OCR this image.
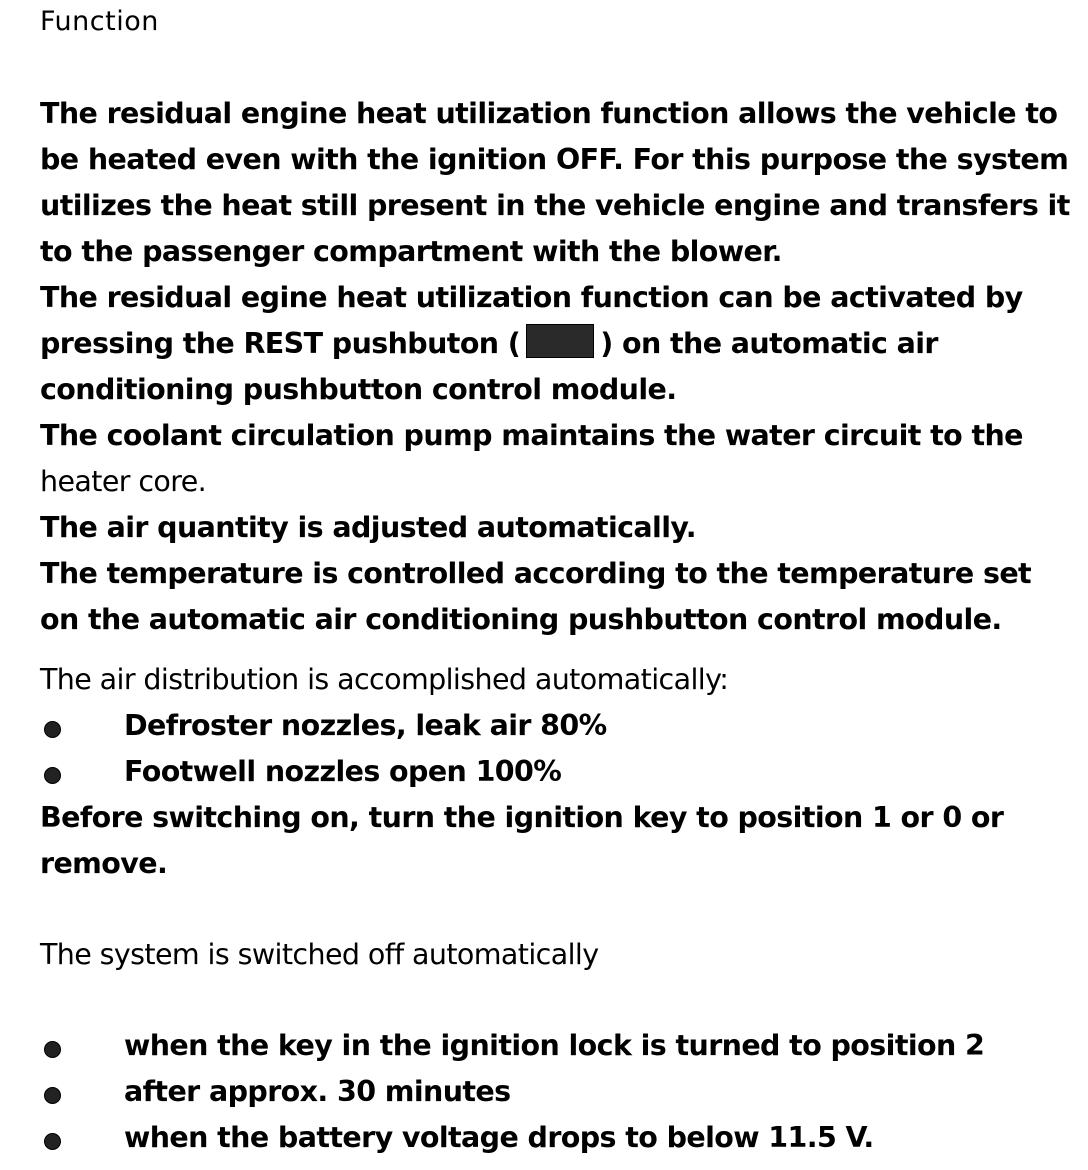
Function
The residual engine heat utilization function allows the vehicle to
be heated even with the ignition OFF. For this purpose the system
utilizes the heat still present in the vehicle engine and transfers it
to the passenger compartment with the blower.
The residual egine heat utilization function can be activated by
pressing the REST pushbuton (	) on the automatic air
conditioning pushbutton control module.
The coolant circulation pump maintains the water circuit to the
heater core.
The air quantity is adjusted automatically.
The temperature is controlled according to the temperature set
on the automatic air conditioning pushbutton control module.
The air distribution is accomplished automatically:
Defroster nozzles, leak air 80%
Footwell nozzles open 100%
Before switching on, turn the ignition key to position 1 or 0 or
remove.
The system is switched off automatically
when the key in the ignition lock is turned to position 2
after approx. 30 minutes
when the battery voltage drops to below 11.5 V.
